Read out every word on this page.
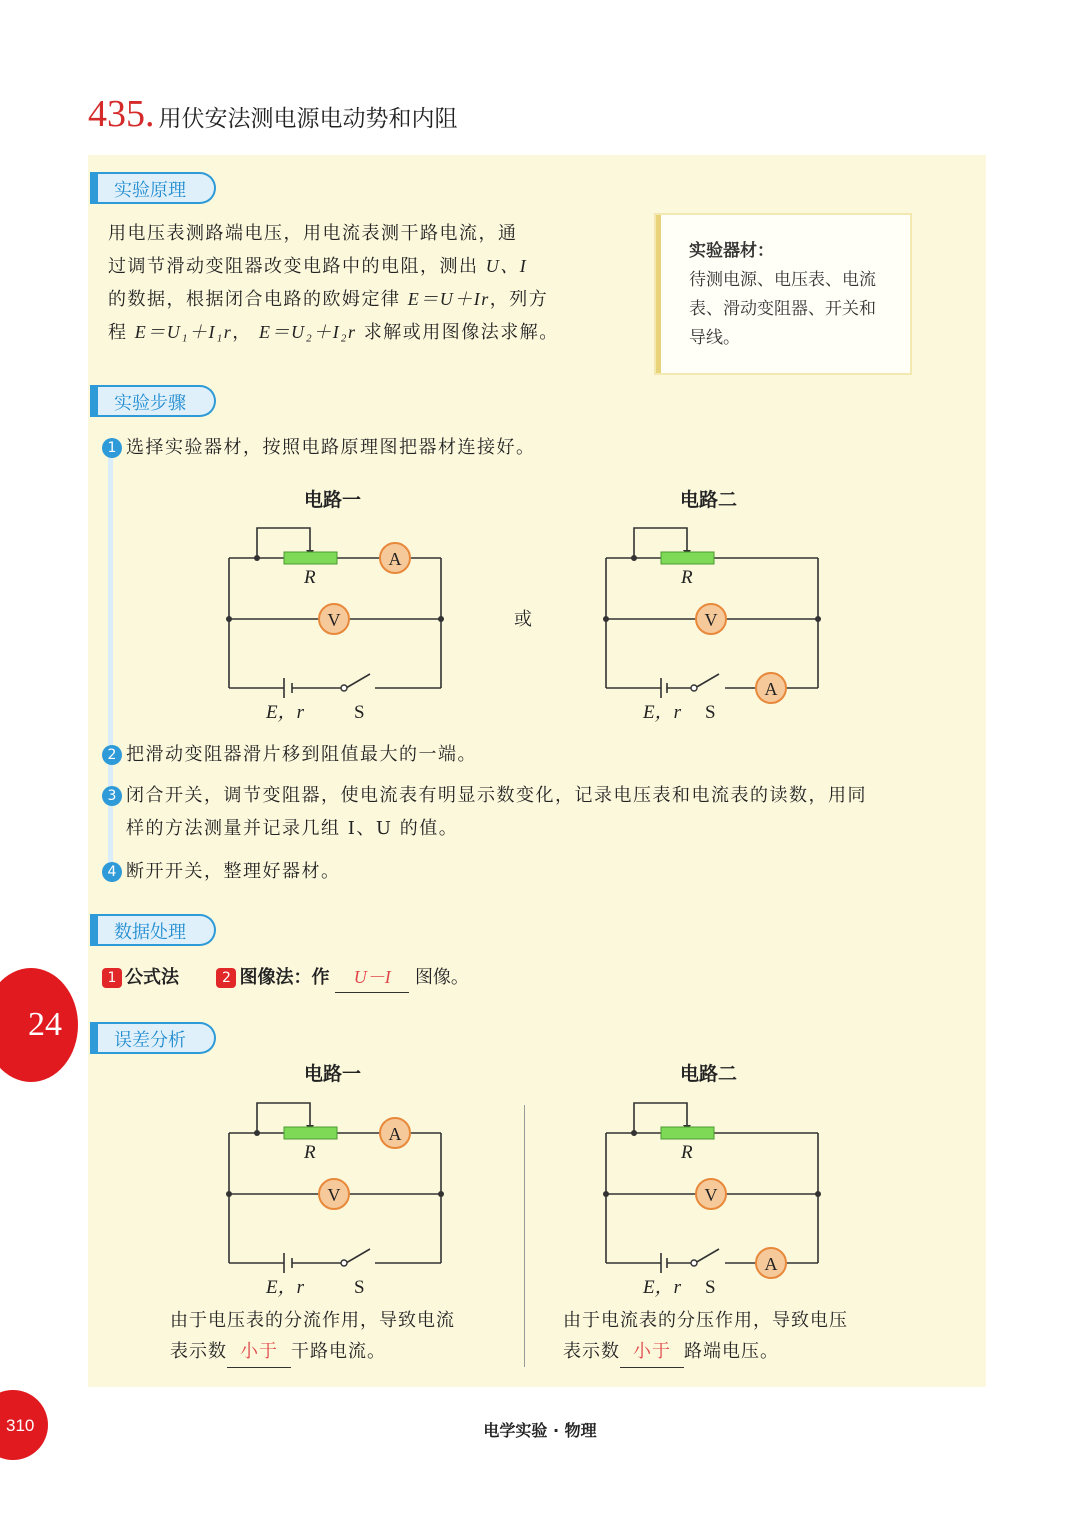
435. 用伏安法测电源电动势和内阻
实验原理
用电压表测路端电压，用电流表测干路电流，通
过调节滑动变阻器改变电路中的电阻，测出 U、I
的数据，根据闭合电路的欧姆定律 E＝U＋Ir，列方
程 E＝U₁＋I₁r， E＝U₂＋I₂r 求解或用图像法求解。
实验器材：
待测电源、电压表、电流
表、滑动变阻器、开关和
导线。
实验步骤
1 选择实验器材，按照电路原理图把器材连接好。
电路一	电路二
A
V
R
E，r	S
或
A
V
R
E，r S
2 把滑动变阻器滑片移到阻值最大的一端。
3 闭合开关，调节变阻器，使电流表有明显示数变化，记录电压表和电流表的读数，用同
样的方法测量并记录几组 I、U 的值。
4 断开开关，整理好器材。
数据处理
1 公式法	2 图像法：作 U－I 图像。
误差分析
电路一	电路二
A
V
R
E，r	S
A
V
R
E，r S
由于电压表的分流作用，导致电流
表示数 小于 干路电流。
由于电流表的分压作用，导致电压
表示数 小于 路端电压。
24
310	电学实验 · 物理
